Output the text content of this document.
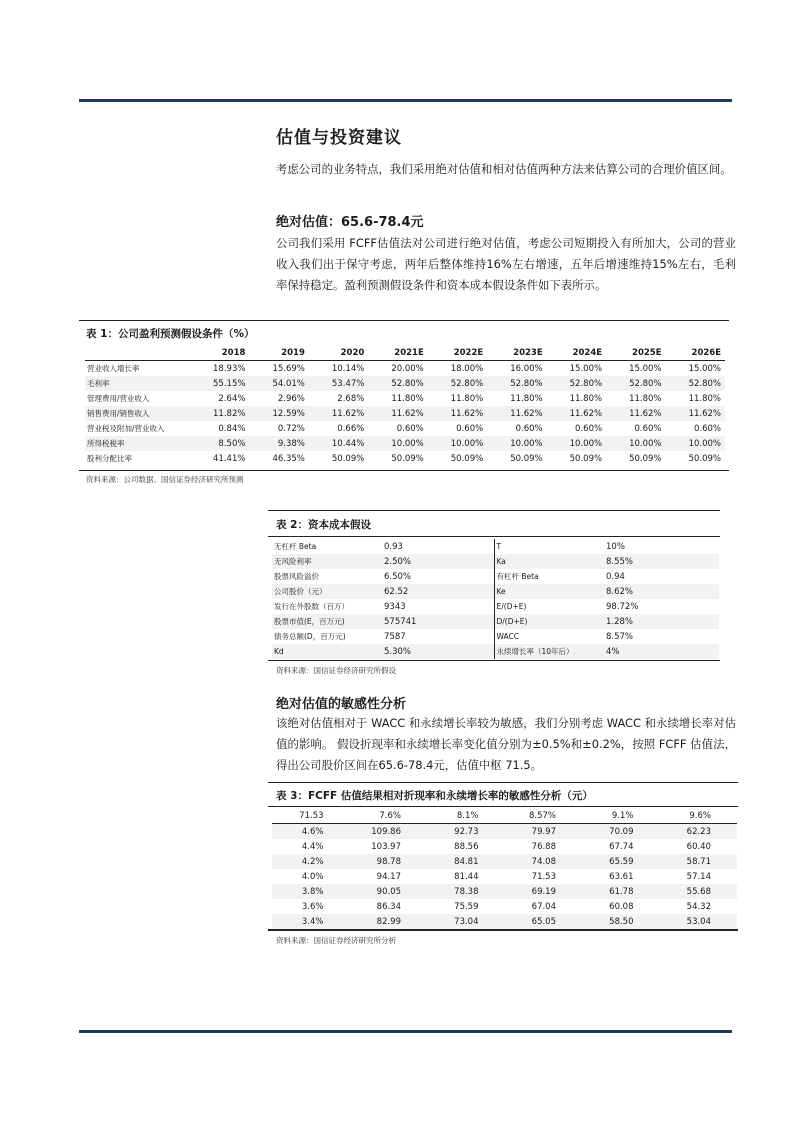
估值与投资建议
考虑公司的业务特点，我们采用绝对估值和相对估值两种方法来估算公司的合理价值区间。
绝对估值：65.6-78.4元
公司我们采用 FCFF估值法对公司进行绝对估值，考虑公司短期投入有所加大，公司的营业收入我们出于保守考虑，两年后整体维持16%左右增速，五年后增速维持15%左右，毛利率保持稳定。盈利预测假设条件和资本成本假设条件如下表所示。
表 1：公司盈利预测假设条件（%）
	2018	2019	2020	2021E	2022E	2023E	2024E	2025E	2026E
营业收入增长率	18.93%	15.69%	10.14%	20.00%	18.00%	16.00%	15.00%	15.00%	15.00%
毛利率	55.15%	54.01%	53.47%	52.80%	52.80%	52.80%	52.80%	52.80%	52.80%
管理费用/营业收入	2.64%	2.96%	2.68%	11.80%	11.80%	11.80%	11.80%	11.80%	11.80%
销售费用/销售收入	11.82%	12.59%	11.62%	11.62%	11.62%	11.62%	11.62%	11.62%	11.62%
营业税及附加/营业收入	0.84%	0.72%	0.66%	0.60%	0.60%	0.60%	0.60%	0.60%	0.60%
所得税税率	8.50%	9.38%	10.44%	10.00%	10.00%	10.00%	10.00%	10.00%	10.00%
股利分配比率	41.41%	46.35%	50.09%	50.09%	50.09%	50.09%	50.09%	50.09%	50.09%
资料来源：公司数据、国信证券经济研究所预测
表 2：资本成本假设
无杠杆 Beta	0.93	T	10%
无风险利率	2.50%	Ka	8.55%
股票风险溢价	6.50%	有杠杆 Beta	0.94
公司股价（元）	62.52	Ke	8.62%
发行在外股数（百万）	9343	E/(D+E)	98.72%
股票市值(E，百万元)	575741	D/(D+E)	1.28%
债务总额(D，百万元)	7587	WACC	8.57%
Kd	5.30%	永续增长率（10年后）	4%
资料来源：国信证券经济研究所假设
绝对估值的敏感性分析
该绝对估值相对于 WACC 和永续增长率较为敏感，我们分别考虑 WACC 和永续增长率对估值的影响。 假设折现率和永续增长率变化值分别为±0.5%和±0.2%，按照 FCFF 估值法，得出公司股价区间在65.6-78.4元，估值中枢 71.5。
表 3：FCFF 估值结果相对折现率和永续增长率的敏感性分析（元）
71.53	7.6%	8.1%	8.57%	9.1%	9.6%
4.6%	109.86	92.73	79.97	70.09	62.23
4.4%	103.97	88.56	76.88	67.74	60.40
4.2%	98.78	84.81	74.08	65.59	58.71
4.0%	94.17	81.44	71.53	63.61	57.14
3.8%	90.05	78.38	69.19	61.78	55.68
3.6%	86.34	75.59	67.04	60.08	54.32
3.4%	82.99	73.04	65.05	58.50	53.04
资料来源：国信证券经济研究所分析
